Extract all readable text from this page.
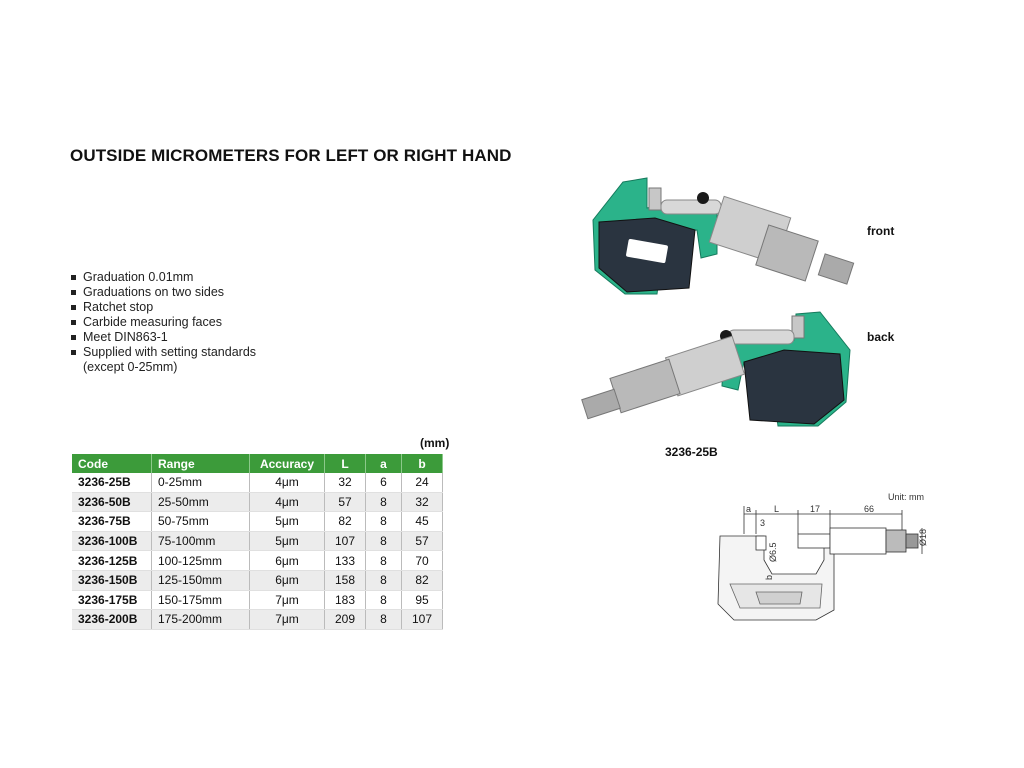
OUTSIDE MICROMETERS FOR LEFT OR RIGHT HAND
Graduation 0.01mm
Graduations on two sides
Ratchet stop
Carbide measuring faces
Meet DIN863-1
Supplied with setting standards
(except 0-25mm)
(mm)
Code	Range	Accuracy	L	a	b
3236-25B	0-25mm	4μm	32	6	24
3236-50B	25-50mm	4μm	57	8	32
3236-75B	50-75mm	5μm	82	8	45
3236-100B	75-100mm	5μm	107	8	57
3236-125B	100-125mm	6μm	133	8	70
3236-150B	125-150mm	6μm	158	8	82
3236-175B	150-175mm	7μm	183	8	95
3236-200B	175-200mm	7μm	209	8	107
front
back
3236-25B
Unit: mm
a	L	17	66
3
Ø18
Ø6.5
b
